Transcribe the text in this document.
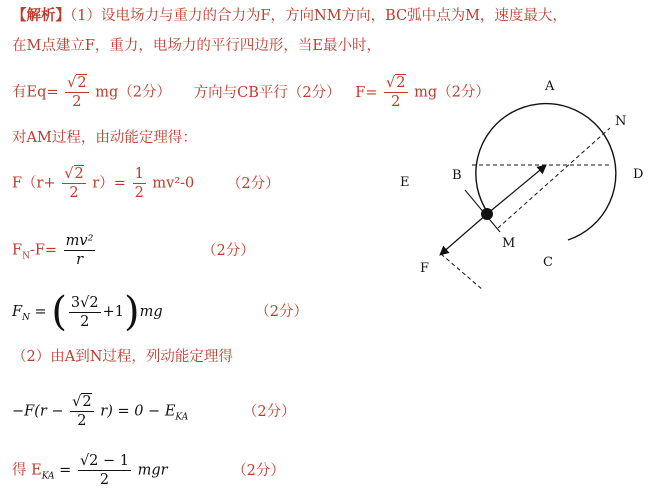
【解析】（1）设电场力与重力的合力为F，方向NM方向，BC弧中点为M，速度最大，
在M点建立F，重力，电场力的平行四边形，当E最小时，
有$Eq= \frac{√2}{2} mg(2$分） 方向与CB平行（2分） $F= \frac{√2}{2} mg(2$分）
对AM过程，由动能定理得：
$F(r+ \frac{√2}{2} r)= \frac{1}{2} mv^2-0$ （2分）
$F_N-F= \frac{\text{mv²}}{r}$	（2分）
$F_N$ = ( $\frac{3√2}{2} +1)mg$	（2分）
（2）由A到N过程，列动能定理得
$-F(r - \frac{√2}{2} r) = 0 - E_{KA}$	（2分）
得 $E_{KA} = \frac{√2 - 1}{2}$ mgr	（2分）
A
N
D
B
E
M
C
F
